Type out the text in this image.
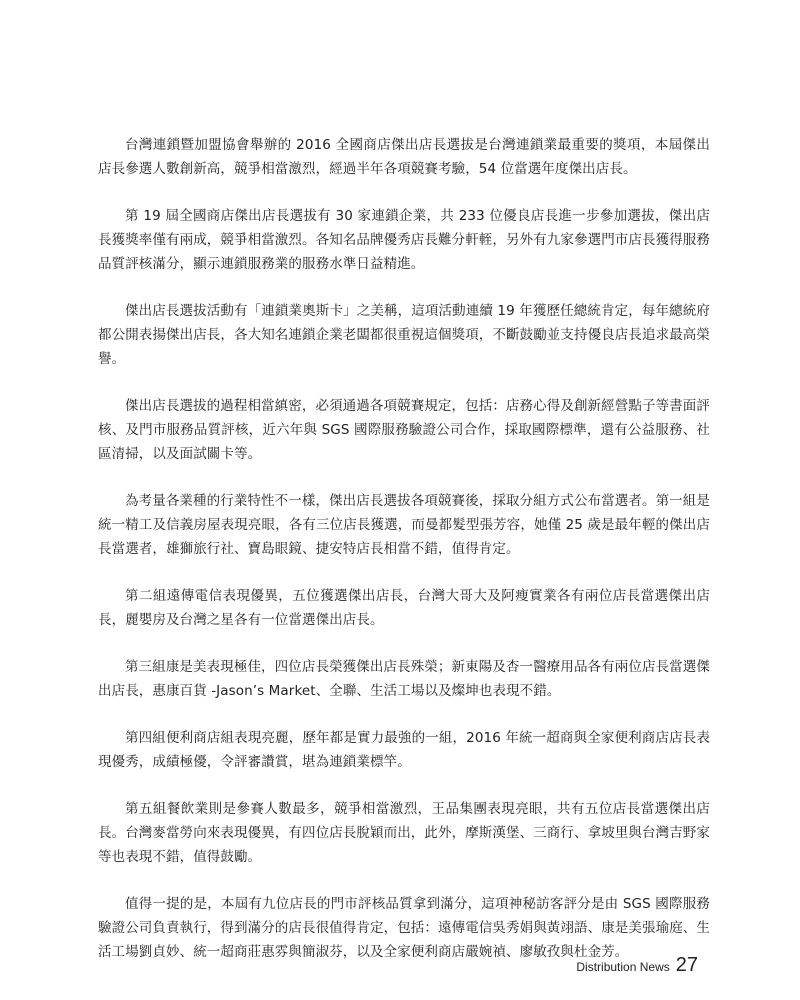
台灣連鎖暨加盟協會舉辦的 2016 全國商店傑出店長選拔是台灣連鎖業最重要的獎項，本屆傑出店長參選人數創新高，競爭相當激烈，經過半年各項競賽考驗，54 位當選年度傑出店長。

第 19 屆全國商店傑出店長選拔有 30 家連鎖企業，共 233 位優良店長進一步參加選拔，傑出店長獲獎率僅有兩成，競爭相當激烈。各知名品牌優秀店長難分軒輊，另外有九家參選門市店長獲得服務品質評核滿分，顯示連鎖服務業的服務水準日益精進。

傑出店長選拔活動有「連鎖業奧斯卡」之美稱，這項活動連續 19 年獲歷任總統肯定，每年總統府都公開表揚傑出店長，各大知名連鎖企業老闆都很重視這個獎項，不斷鼓勵並支持優良店長追求最高榮譽。

傑出店長選拔的過程相當縝密，必須通過各項競賽規定，包括：店務心得及創新經營點子等書面評核、及門市服務品質評核，近六年與 SGS 國際服務驗證公司合作，採取國際標準，還有公益服務、社區清掃，以及面試關卡等。

為考量各業種的行業特性不一樣，傑出店長選拔各項競賽後，採取分組方式公布當選者。第一組是統一精工及信義房屋表現亮眼，各有三位店長獲選，而曼都髮型張芳容，她僅 25 歲是最年輕的傑出店長當選者，雄獅旅行社、寶島眼鏡、捷安特店長相當不錯，值得肯定。

第二組遠傳電信表現優異，五位獲選傑出店長，台灣大哥大及阿瘦實業各有兩位店長當選傑出店長，麗嬰房及台灣之星各有一位當選傑出店長。

第三組康是美表現極佳，四位店長榮獲傑出店長殊榮；新東陽及杏一醫療用品各有兩位店長當選傑出店長，惠康百貨 -Jason’s Market、全聯、生活工場以及燦坤也表現不錯。

第四組便利商店組表現亮麗，歷年都是實力最強的一組，2016 年統一超商與全家便利商店店長表現優秀，成績極優，令評審讚賞，堪為連鎖業標竿。

第五組餐飲業則是參賽人數最多，競爭相當激烈，王品集團表現亮眼，共有五位店長當選傑出店長。台灣麥當勞向來表現優異，有四位店長脫穎而出，此外，摩斯漢堡、三商行、拿坡里與台灣吉野家等也表現不錯，值得鼓勵。

值得一提的是，本屆有九位店長的門市評核品質拿到滿分，這項神秘訪客評分是由 SGS 國際服務驗證公司負責執行，得到滿分的店長很值得肯定，包括：遠傳電信吳秀娟與黃翊語、康是美張瑜庭、生活工場劉貞妙、統一超商莊惠雰與簡淑芬，以及全家便利商店嚴婉禎、廖敏孜與杜金芳。

Distribution News 27
